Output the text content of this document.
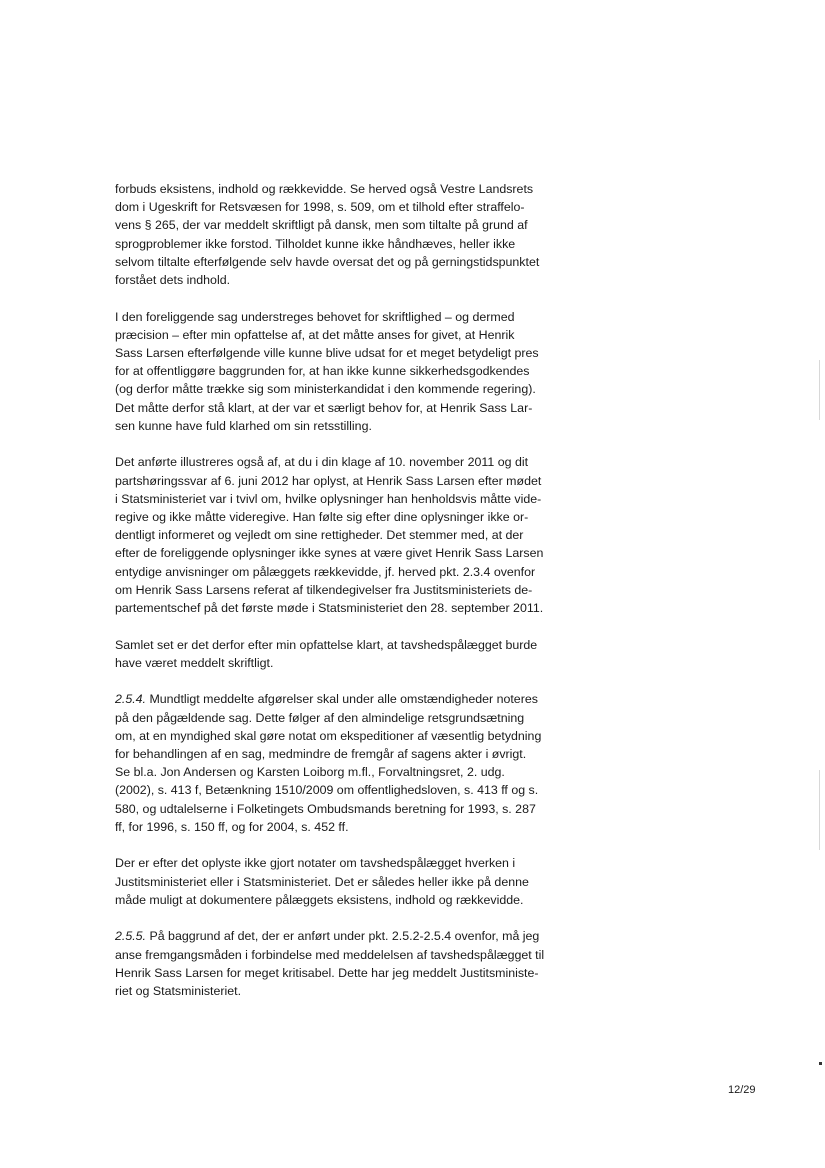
forbuds eksistens, indhold og rækkevidde. Se herved også Vestre Landsrets
dom i Ugeskrift for Retsvæsen for 1998, s. 509, om et tilhold efter straffelo-
vens § 265, der var meddelt skriftligt på dansk, men som tiltalte på grund af
sprogproblemer ikke forstod. Tilholdet kunne ikke håndhæves, heller ikke
selvom tiltalte efterfølgende selv havde oversat det og på gerningstidspunktet
forstået dets indhold.

I den foreliggende sag understreges behovet for skriftlighed – og dermed
præcision – efter min opfattelse af, at det måtte anses for givet, at Henrik
Sass Larsen efterfølgende ville kunne blive udsat for et meget betydeligt pres
for at offentliggøre baggrunden for, at han ikke kunne sikkerhedsgodkendes
(og derfor måtte trække sig som ministerkandidat i den kommende regering).
Det måtte derfor stå klart, at der var et særligt behov for, at Henrik Sass Lar-
sen kunne have fuld klarhed om sin retsstilling.

Det anførte illustreres også af, at du i din klage af 10. november 2011 og dit
partshøringssvar af 6. juni 2012 har oplyst, at Henrik Sass Larsen efter mødet
i Statsministeriet var i tvivl om, hvilke oplysninger han henholdsvis måtte vide-
regive og ikke måtte videregive. Han følte sig efter dine oplysninger ikke or-
dentligt informeret og vejledt om sine rettigheder. Det stemmer med, at der
efter de foreliggende oplysninger ikke synes at være givet Henrik Sass Larsen
entydige anvisninger om pålæggets rækkevidde, jf. herved pkt. 2.3.4 ovenfor
om Henrik Sass Larsens referat af tilkendegivelser fra Justitsministeriets de-
partementschef på det første møde i Statsministeriet den 28. september 2011.

Samlet set er det derfor efter min opfattelse klart, at tavshedspålægget burde
have været meddelt skriftligt.

2.5.4. Mundtligt meddelte afgørelser skal under alle omstændigheder noteres
på den pågældende sag. Dette følger af den almindelige retsgrundsætning
om, at en myndighed skal gøre notat om ekspeditioner af væsentlig betydning
for behandlingen af en sag, medmindre de fremgår af sagens akter i øvrigt.
Se bl.a. Jon Andersen og Karsten Loiborg m.fl., Forvaltningsret, 2. udg.
(2002), s. 413 f, Betænkning 1510/2009 om offentlighedsloven, s. 413 ff og s.
580, og udtalelserne i Folketingets Ombudsmands beretning for 1993, s. 287
ff, for 1996, s. 150 ff, og for 2004, s. 452 ff.

Der er efter det oplyste ikke gjort notater om tavshedspålægget hverken i
Justitsministeriet eller i Statsministeriet. Det er således heller ikke på denne
måde muligt at dokumentere pålæggets eksistens, indhold og rækkevidde.

2.5.5. På baggrund af det, der er anført under pkt. 2.5.2-2.5.4 ovenfor, må jeg
anse fremgangsmåden i forbindelse med meddelelsen af tavshedspålægget til
Henrik Sass Larsen for meget kritisabel. Dette har jeg meddelt Justitsministe-
riet og Statsministeriet.

12/29
